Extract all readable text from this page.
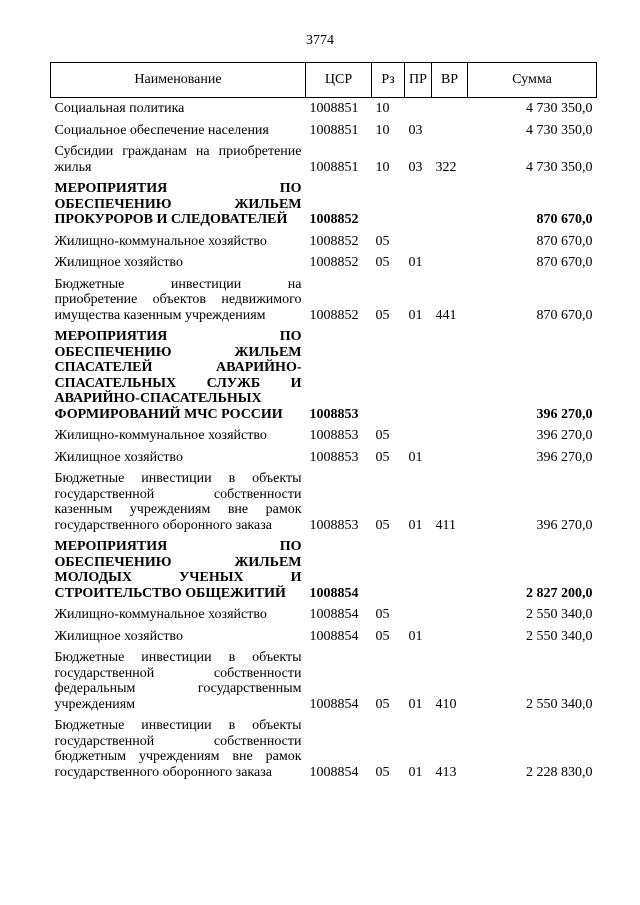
3774
Наименование	ЦСР	Рз	ПР	ВР	Сумма
Социальная политика	1008851	10			4 730 350,0
Социальное обеспечение населения	1008851	10	03		4 730 350,0
Субсидии гражданам на приобретение жилья	1008851	10	03	322	4 730 350,0
МЕРОПРИЯТИЯ ПО ОБЕСПЕЧЕНИЮ ЖИЛЬЕМ ПРОКУРОРОВ И СЛЕДОВАТЕЛЕЙ	1008852				870 670,0
Жилищно-коммунальное хозяйство	1008852	05			870 670,0
Жилищное хозяйство	1008852	05	01		870 670,0
Бюджетные инвестиции на приобретение объектов недвижимого имущества казенным учреждениям	1008852	05	01	441	870 670,0
МЕРОПРИЯТИЯ ПО ОБЕСПЕЧЕНИЮ ЖИЛЬЕМ СПАСАТЕЛЕЙ АВАРИЙНО-СПАСАТЕЛЬНЫХ СЛУЖБ И АВАРИЙНО-СПАСАТЕЛЬНЫХ ФОРМИРОВАНИЙ МЧС РОССИИ	1008853				396 270,0
Жилищно-коммунальное хозяйство	1008853	05			396 270,0
Жилищное хозяйство	1008853	05	01		396 270,0
Бюджетные инвестиции в объекты государственной собственности казенным учреждениям вне рамок государственного оборонного заказа	1008853	05	01	411	396 270,0
МЕРОПРИЯТИЯ ПО ОБЕСПЕЧЕНИЮ ЖИЛЬЕМ МОЛОДЫХ УЧЕНЫХ И СТРОИТЕЛЬСТВО ОБЩЕЖИТИЙ	1008854				2 827 200,0
Жилищно-коммунальное хозяйство	1008854	05			2 550 340,0
Жилищное хозяйство	1008854	05	01		2 550 340,0
Бюджетные инвестиции в объекты государственной собственности федеральным государственным учреждениям	1008854	05	01	410	2 550 340,0
Бюджетные инвестиции в объекты государственной собственности бюджетным учреждениям вне рамок государственного оборонного заказа	1008854	05	01	413	2 228 830,0
